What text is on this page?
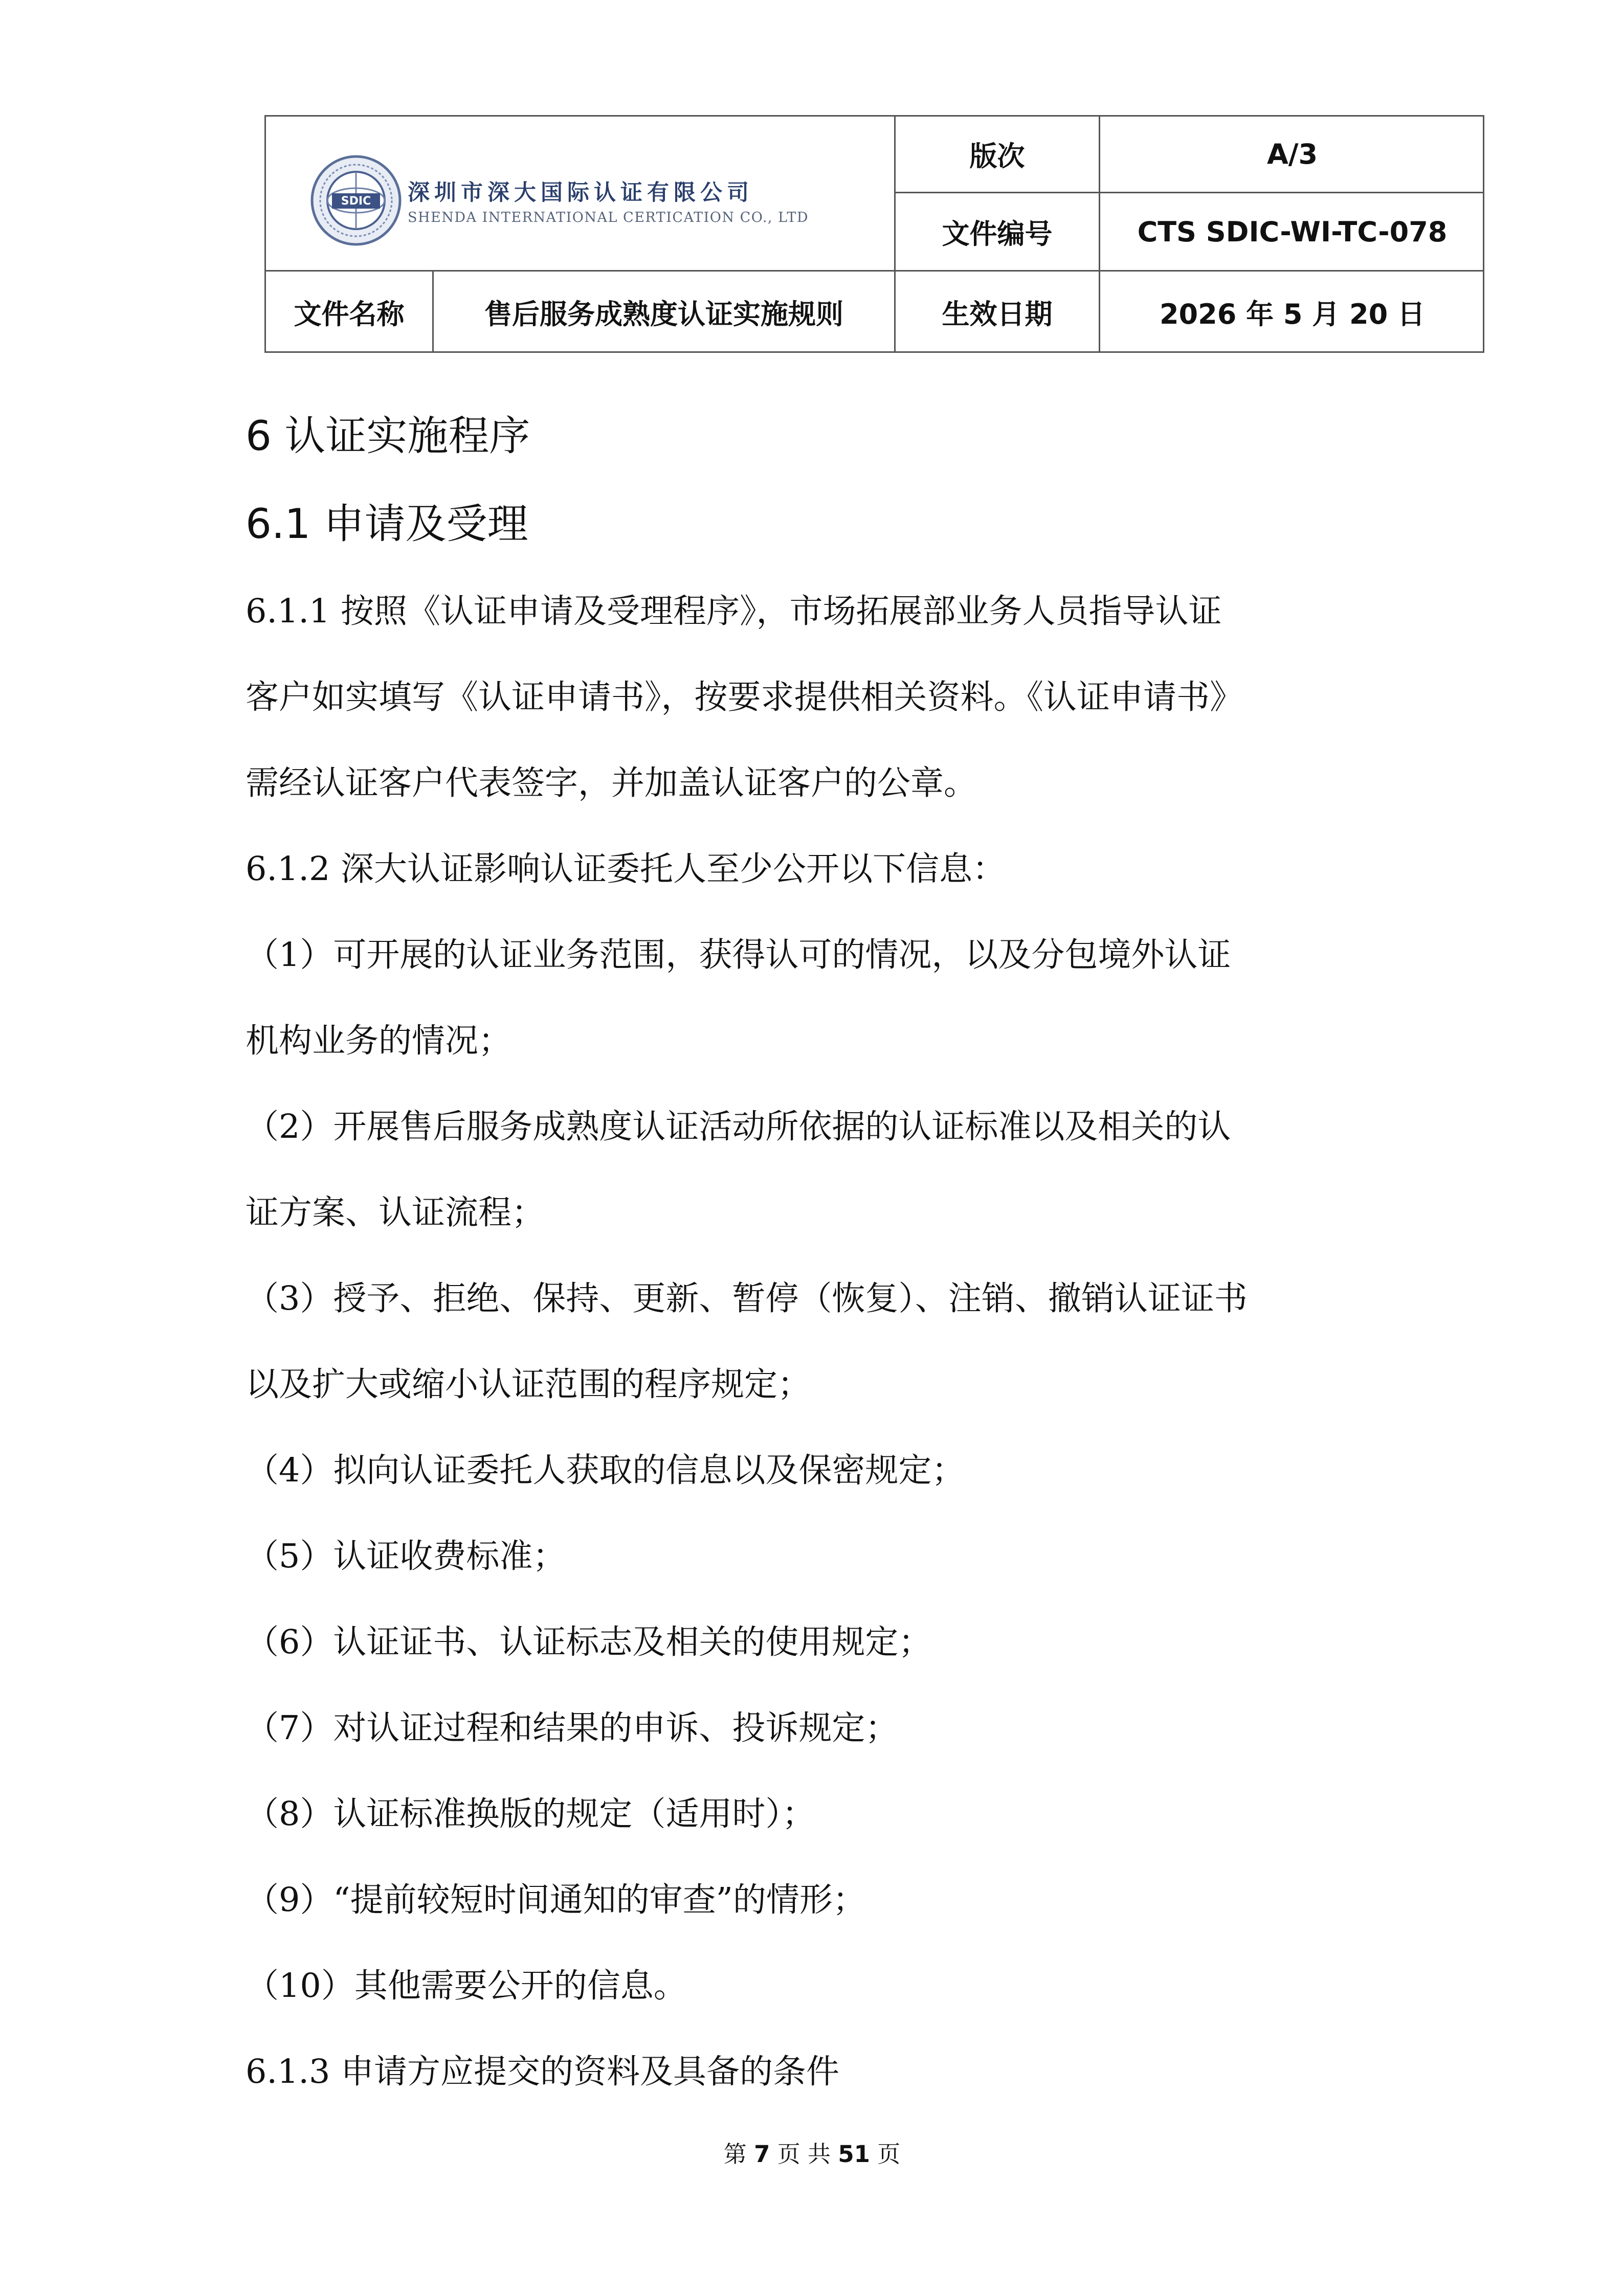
SDIC	深圳市深大国际认证有限公司
SHENDA INTERNATIONAL CERTICATION CO., LTD
版次	A/3
文件编号	CTS SDIC-WI-TC-078
文件名称	售后服务成熟度认证实施规则	生效日期	2026 年 5 月 20 日
6 认证实施程序
6.1 申请及受理
6.1.1 按照《认证申请及受理程序》，市场拓展部业务人员指导认证
客户如实填写《认证申请书》，按要求提供相关资料。《认证申请书》
需经认证客户代表签字，并加盖认证客户的公章。
6.1.2 深大认证影响认证委托人至少公开以下信息：
（1）可开展的认证业务范围，获得认可的情况，以及分包境外认证
机构业务的情况；
（2）开展售后服务成熟度认证活动所依据的认证标准以及相关的认
证方案、认证流程；
（3）授予、拒绝、保持、更新、暂停（恢复）、注销、撤销认证证书
以及扩大或缩小认证范围的程序规定；
（4）拟向认证委托人获取的信息以及保密规定；
（5）认证收费标准；
（6）认证证书、认证标志及相关的使用规定；
（7）对认证过程和结果的申诉、投诉规定；
（8）认证标准换版的规定（适用时）；
（9）“提前较短时间通知的审查”的情形；
（10）其他需要公开的信息。
6.1.3 申请方应提交的资料及具备的条件
第 7 页 共 51 页
